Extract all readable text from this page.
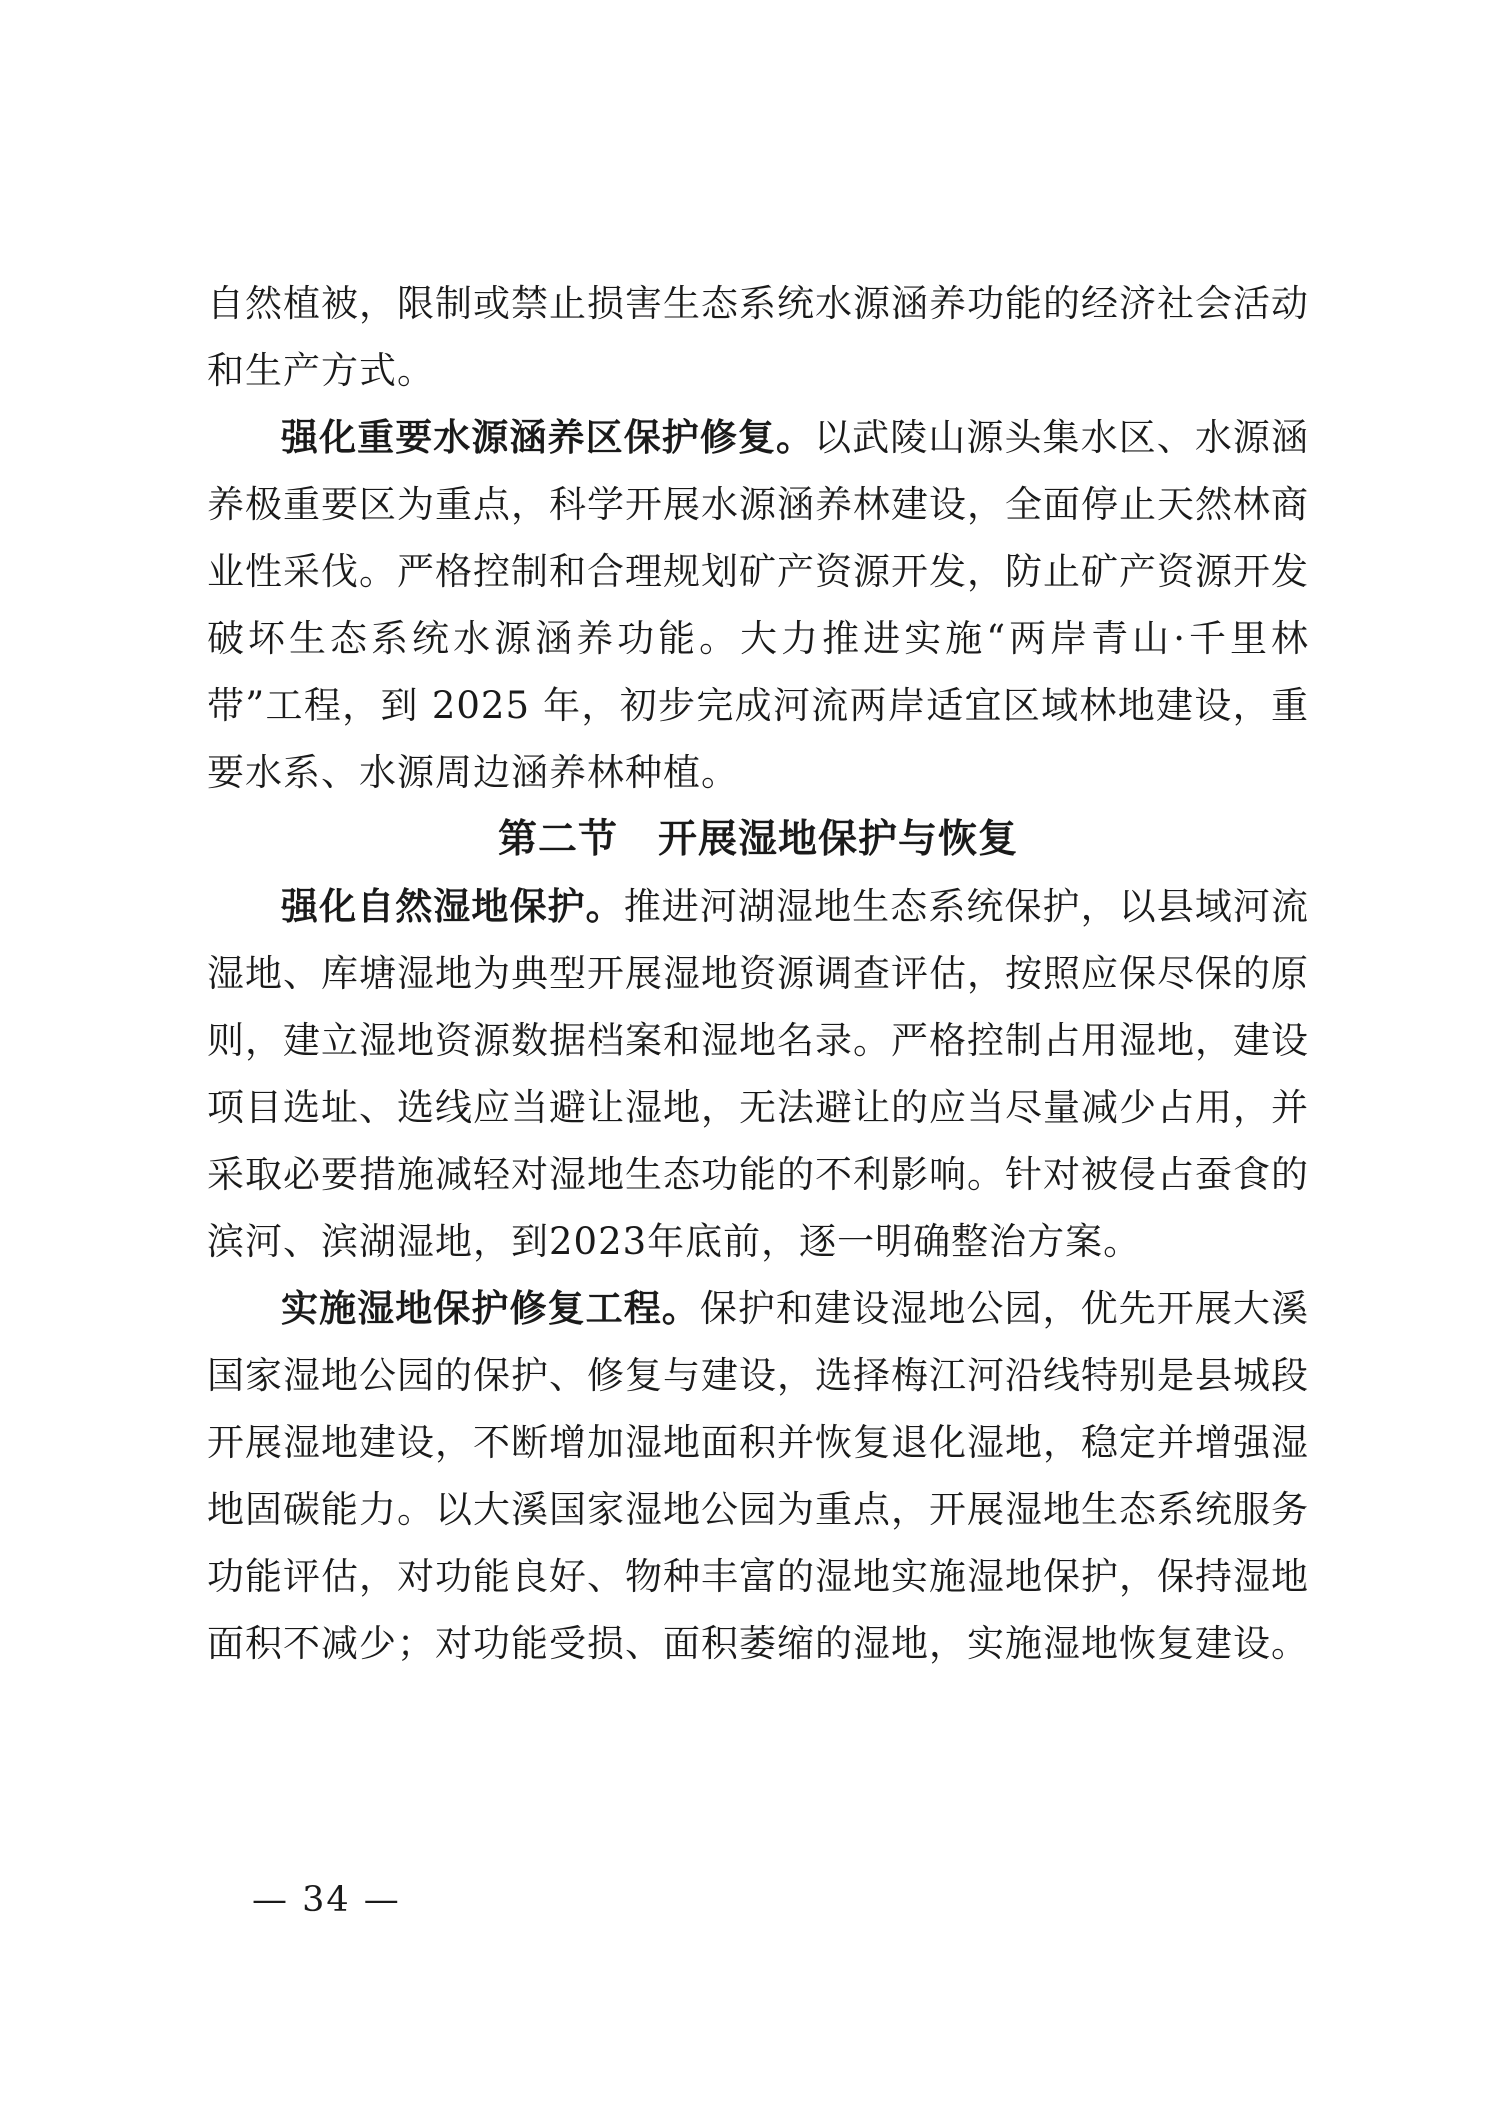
自然植被，限制或禁止损害生态系统水源涵养功能的经济社会活动和生产方式。

强化重要水源涵养区保护修复。以武陵山源头集水区、水源涵养极重要区为重点，科学开展水源涵养林建设，全面停止天然林商业性采伐。严格控制和合理规划矿产资源开发，防止矿产资源开发破坏生态系统水源涵养功能。大力推进实施“两岸青山·千里林带”工程，到 2025 年，初步完成河流两岸适宜区域林地建设，重要水系、水源周边涵养林种植。

第二节　开展湿地保护与恢复

强化自然湿地保护。推进河湖湿地生态系统保护，以县域河流湿地、库塘湿地为典型开展湿地资源调查评估，按照应保尽保的原则，建立湿地资源数据档案和湿地名录。严格控制占用湿地，建设项目选址、选线应当避让湿地，无法避让的应当尽量减少占用，并采取必要措施减轻对湿地生态功能的不利影响。针对被侵占蚕食的滨河、滨湖湿地，到2023年底前，逐一明确整治方案。

实施湿地保护修复工程。保护和建设湿地公园，优先开展大溪国家湿地公园的保护、修复与建设，选择梅江河沿线特别是县城段开展湿地建设，不断增加湿地面积并恢复退化湿地，稳定并增强湿地固碳能力。以大溪国家湿地公园为重点，开展湿地生态系统服务功能评估，对功能良好、物种丰富的湿地实施湿地保护，保持湿地面积不减少；对功能受损、面积萎缩的湿地，实施湿地恢复建设。

— 34 —
